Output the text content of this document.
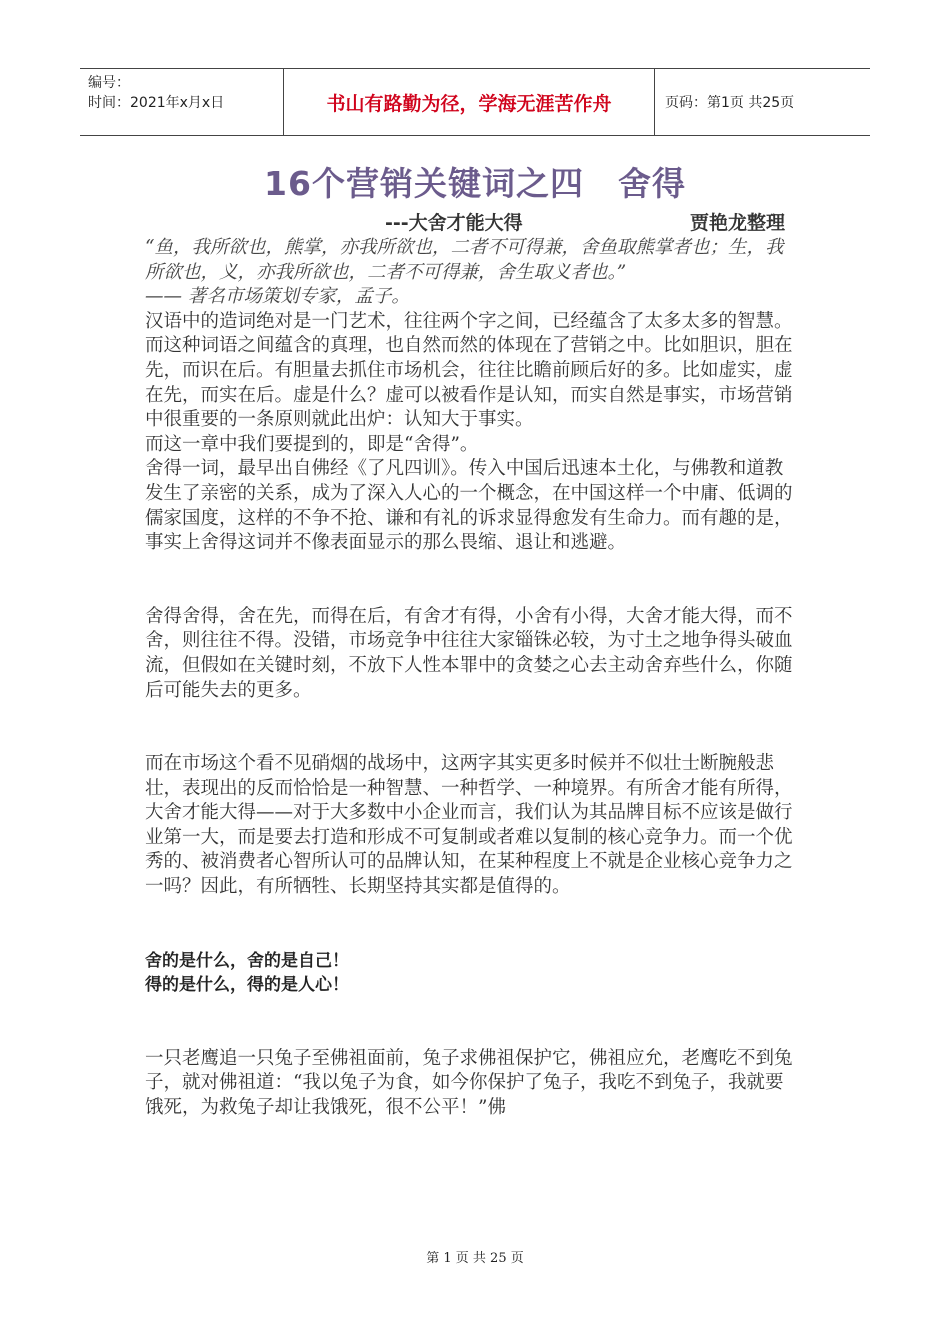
编号：
时间：2021年x月x日	书山有路勤为径，学海无涯苦作舟	页码：第1页 共25页
16个营销关键词之四　舍得
---大舍才能大得	贾艳龙整理

“鱼，我所欲也，熊掌，亦我所欲也，二者不可得兼，舍鱼取熊掌者也；生，我所欲也，义，亦我所欲也，二者不可得兼，舍生取义者也。”

—— 著名市场策划专家，孟子。

汉语中的造词绝对是一门艺术，往往两个字之间，已经蕴含了太多太多的智慧。而这种词语之间蕴含的真理，也自然而然的体现在了营销之中。比如胆识，胆在先，而识在后。有胆量去抓住市场机会，往往比瞻前顾后好的多。比如虚实，虚在先，而实在后。虚是什么？虚可以被看作是认知，而实自然是事实，市场营销中很重要的一条原则就此出炉：认知大于事实。

而这一章中我们要提到的，即是“舍得”。

舍得一词，最早出自佛经《了凡四训》。传入中国后迅速本土化，与佛教和道教发生了亲密的关系，成为了深入人心的一个概念，在中国这样一个中庸、低调的儒家国度，这样的不争不抢、谦和有礼的诉求显得愈发有生命力。而有趣的是，事实上舍得这词并不像表面显示的那么畏缩、退让和逃避。

舍得舍得，舍在先，而得在后，有舍才有得，小舍有小得，大舍才能大得，而不舍，则往往不得。没错，市场竞争中往往大家锱铢必较，为寸土之地争得头破血流，但假如在关键时刻，不放下人性本罪中的贪婪之心去主动舍弃些什么，你随后可能失去的更多。

而在市场这个看不见硝烟的战场中，这两字其实更多时候并不似壮士断腕般悲壮，表现出的反而恰恰是一种智慧、一种哲学、一种境界。有所舍才能有所得，大舍才能大得——对于大多数中小企业而言，我们认为其品牌目标不应该是做行业第一大，而是要去打造和形成不可复制或者难以复制的核心竞争力。而一个优秀的、被消费者心智所认可的品牌认知，在某种程度上不就是企业核心竞争力之一吗？因此，有所牺牲、长期坚持其实都是值得的。

舍的是什么，舍的是自己！

得的是什么，得的是人心！

一只老鹰追一只兔子至佛祖面前，兔子求佛祖保护它，佛祖应允，老鹰吃不到兔子，就对佛祖道：“我以兔子为食，如今你保护了兔子，我吃不到兔子，我就要饿死，为救兔子却让我饿死，很不公平！”佛

第 1 页 共 25 页
